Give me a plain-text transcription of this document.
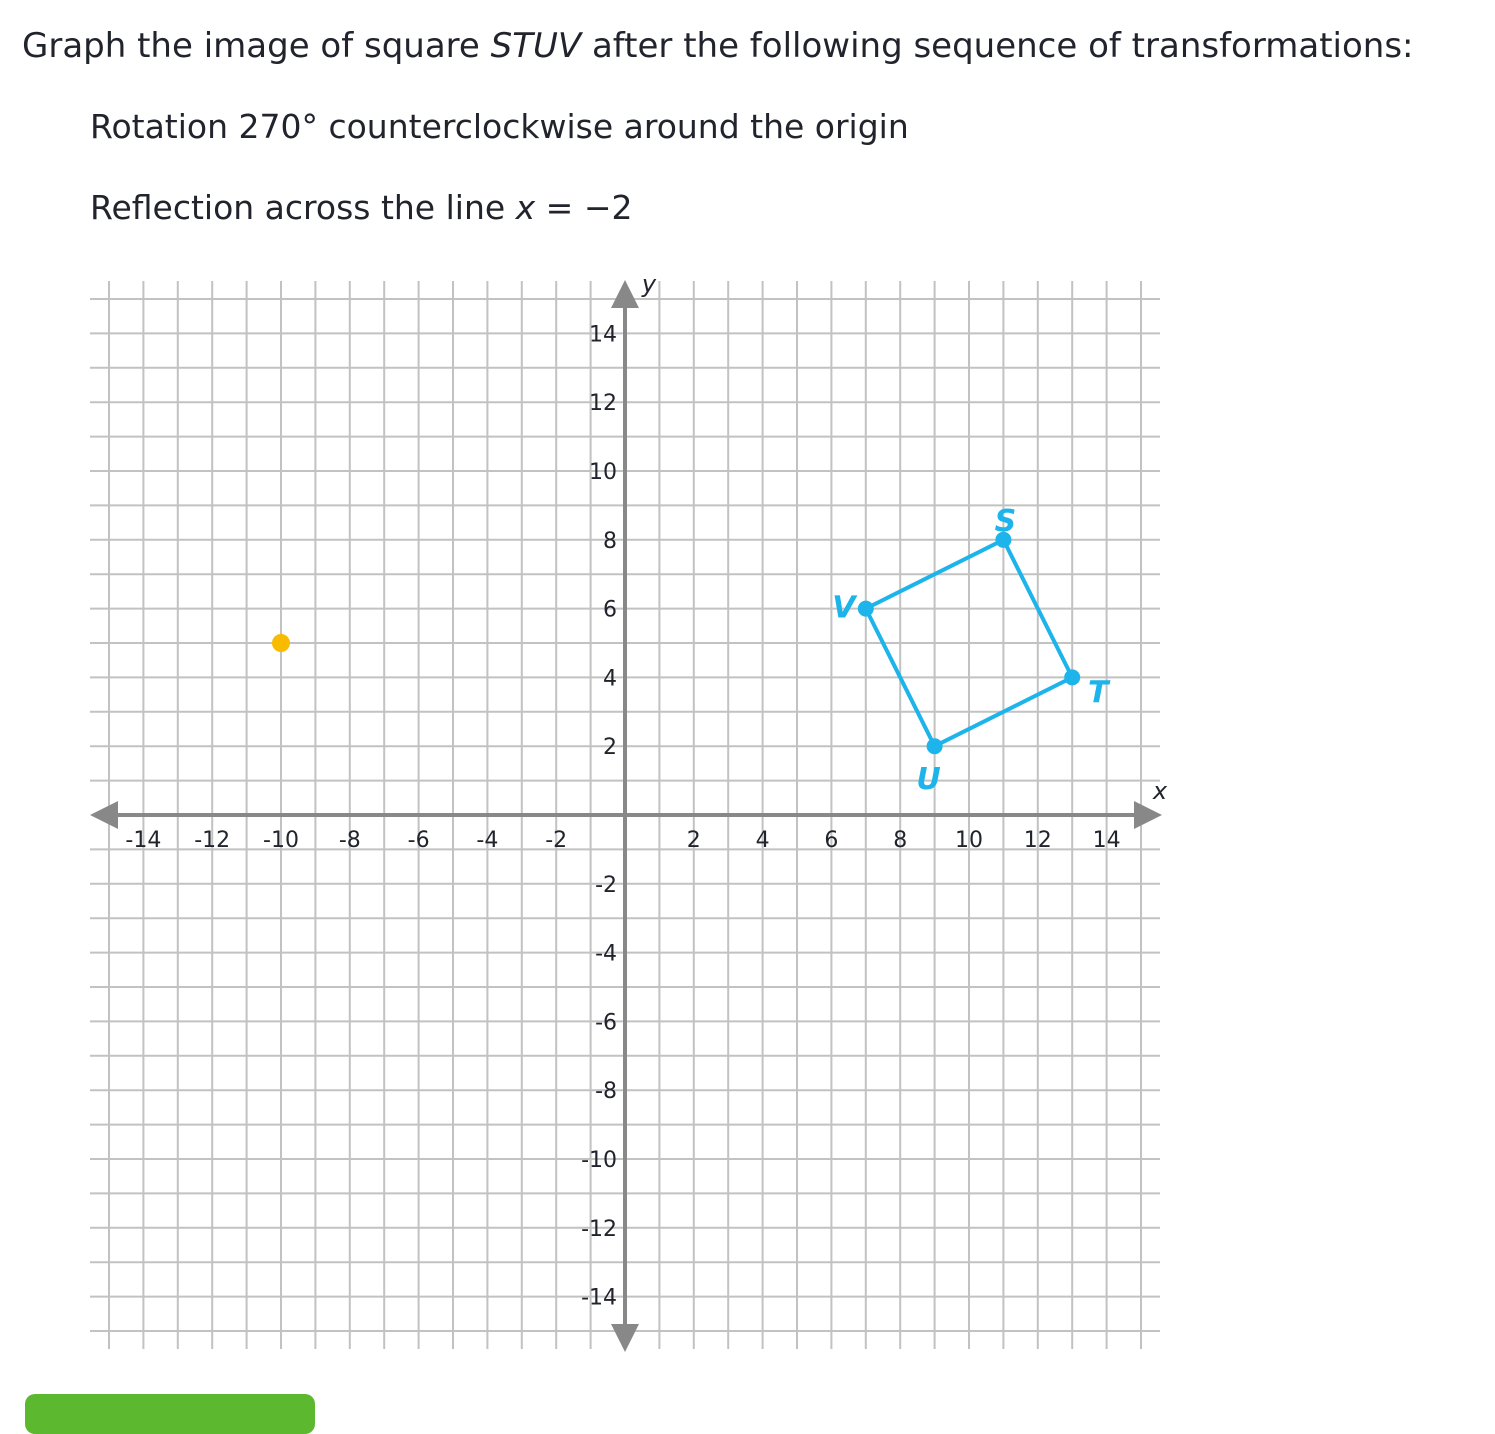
Graph the image of square STUV after the following sequence of transformations:

Rotation 270° counterclockwise around the origin

Reflection across the line x = −2

x
y
-14 -12 -10 -8 -6 -4 -2	2 4 6 8 10 12 14
14
12
10
8
6
4
2
-2
-4
-6
-8
-10
-12
-14
S
T
U
V
